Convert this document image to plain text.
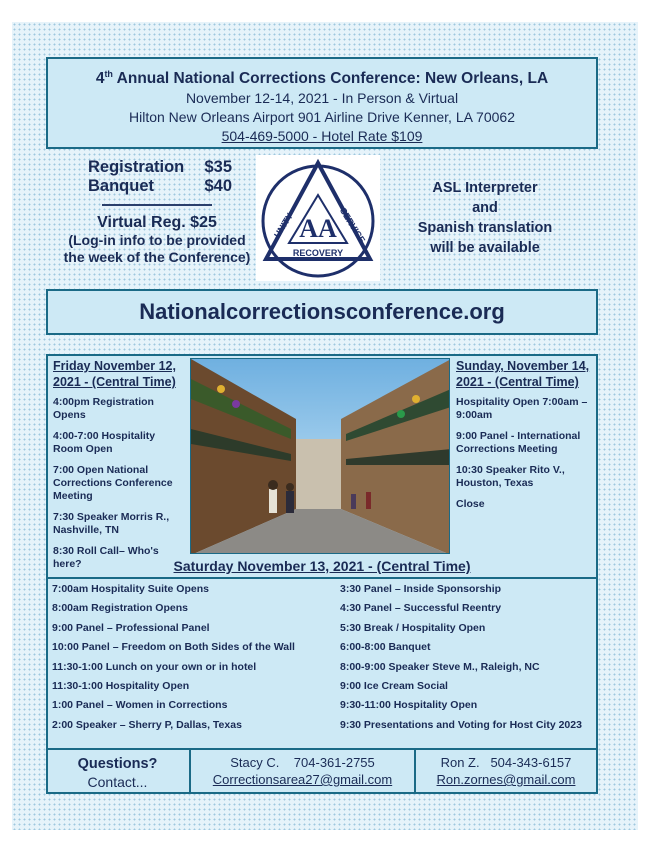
4th Annual National Corrections Conference: New Orleans, LA
November 12-14, 2021 - In Person & Virtual
Hilton New Orleans Airport 901 Airline Drive Kenner, LA 70062
504-469-5000 - Hotel Rate $109
Registration $35
Banquet	$40
Virtual Reg. $25
(Log-in info to be provided the week of the Conference)
AA
UNITY	SERVICE
RECOVERY
ASL Interpreter
and
Spanish translation
will be available
Nationalcorrectionsconference.org
Friday November 12, 2021 - (Central Time)
4:00pm Registration Opens
4:00-7:00 Hospitality Room Open
7:00 Open National Corrections Conference Meeting
7:30 Speaker Morris R., Nashville, TN
8:30 Roll Call– Who's here?
Sunday, November 14, 2021 - (Central Time)
Hospitality Open 7:00am – 9:00am
9:00 Panel - International Corrections Meeting
10:30 Speaker Rito V., Houston, Texas
Close
Saturday November 13, 2021 - (Central Time)
7:00am Hospitality Suite Opens
8:00am Registration Opens
9:00 Panel – Professional Panel
10:00 Panel – Freedom on Both Sides of the Wall
11:30-1:00 Lunch on your own or in hotel
11:30-1:00 Hospitality Open
1:00 Panel – Women in Corrections
2:00 Speaker – Sherry P, Dallas, Texas
3:30 Panel – Inside Sponsorship
4:30 Panel – Successful Reentry
5:30 Break / Hospitality Open
6:00-8:00 Banquet
8:00-9:00 Speaker Steve M., Raleigh, NC
9:00 Ice Cream Social
9:30-11:00 Hospitality Open
9:30 Presentations and Voting for Host City 2023
Questions?
Contact...
Stacy C. 704-361-2755
Correctionsarea27@gmail.com
Ron Z. 504-343-6157
Ron.zornes@gmail.com
